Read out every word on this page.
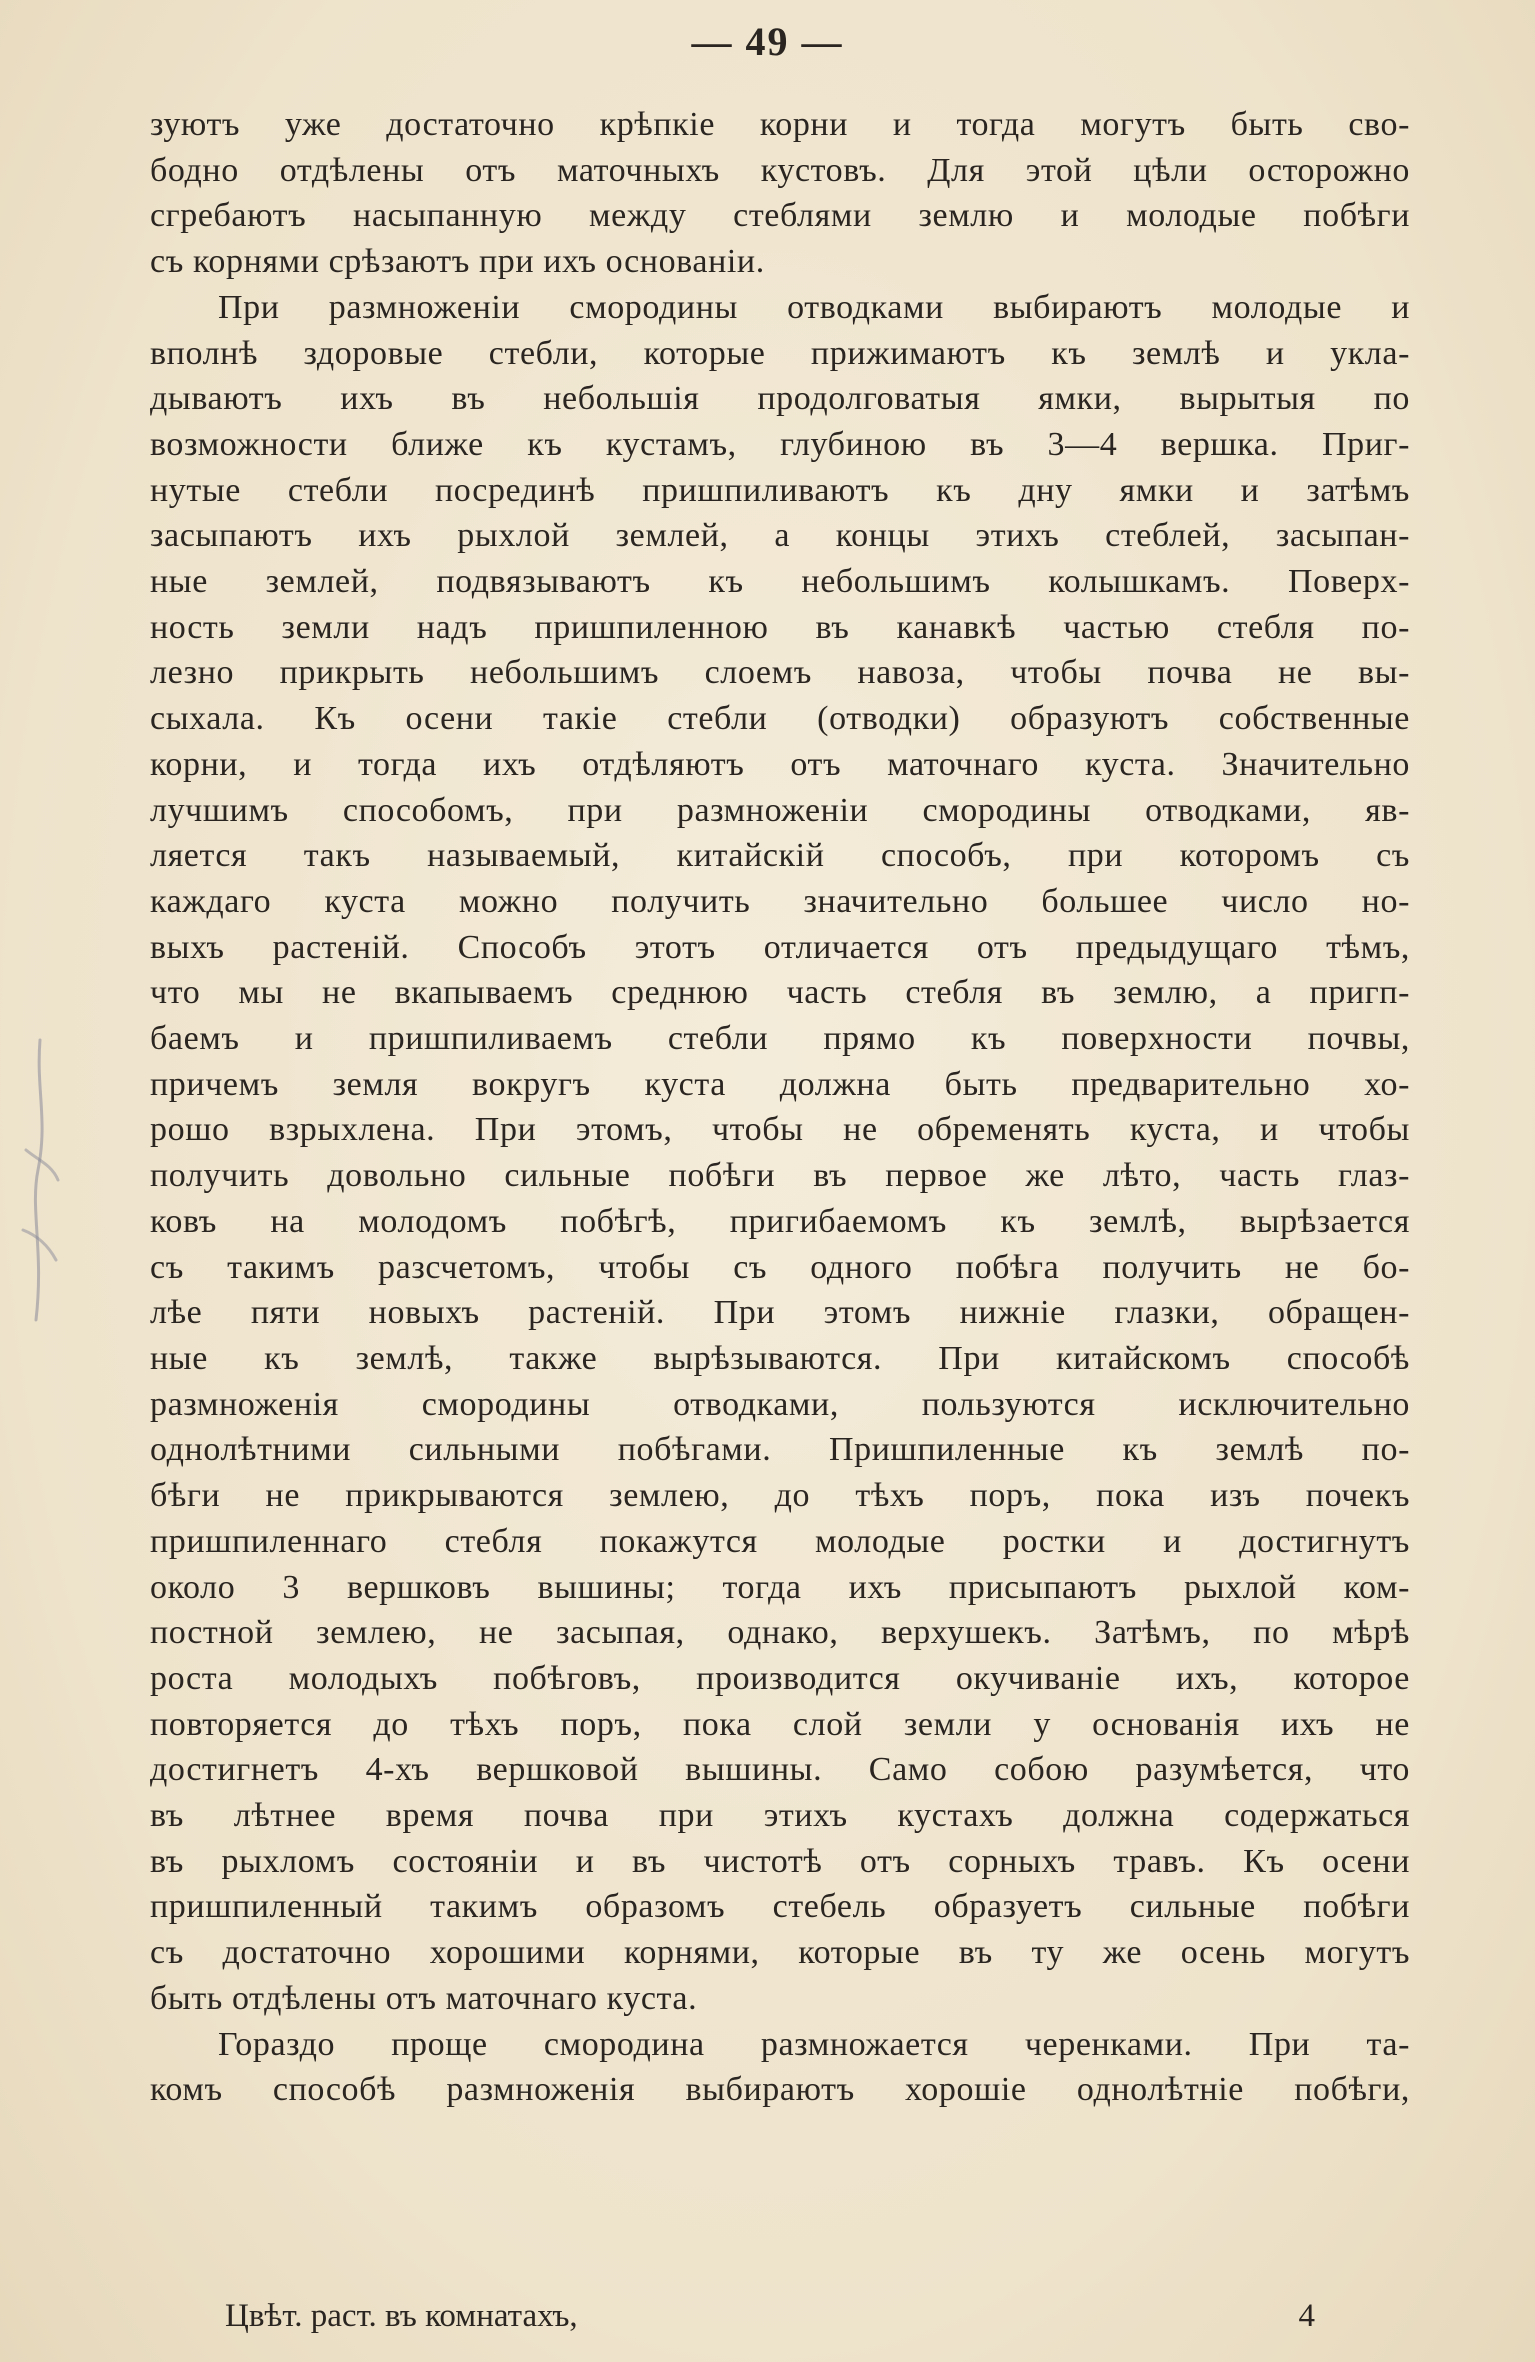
— 49 —
зуютъ уже достаточно крѣпкіе корни и тогда могутъ быть сво-
бодно отдѣлены отъ маточныхъ кустовъ. Для этой цѣли осторожно
сгребаютъ насыпанную между стеблями землю и молодые побѣги
съ корнями срѣзаютъ при ихъ основаніи.
При размноженіи смородины отводками выбираютъ молодые и
вполнѣ здоровые стебли, которые прижимаютъ къ землѣ и укла-
дываютъ ихъ въ небольшія продолговатыя ямки, вырытыя по
возможности ближе къ кустамъ, глубиною въ 3—4 вершка. Приг-
нутые стебли посрединѣ пришпиливаютъ къ дну ямки и затѣмъ
засыпаютъ ихъ рыхлой землей, а концы этихъ стеблей, засыпан-
ные землей, подвязываютъ къ небольшимъ колышкамъ. Поверх-
ность земли надъ пришпиленною въ канавкѣ частью стебля по-
лезно прикрыть небольшимъ слоемъ навоза, чтобы почва не вы-
сыхала. Къ осени такіе стебли (отводки) образуютъ собственные
корни, и тогда ихъ отдѣляютъ отъ маточнаго куста. Значительно
лучшимъ способомъ, при размноженіи смородины отводками, яв-
ляется такъ называемый, китайскій способъ, при которомъ съ
каждаго куста можно получить значительно большее число но-
выхъ растеній. Способъ этотъ отличается отъ предыдущаго тѣмъ,
что мы не вкапываемъ среднюю часть стебля въ землю, а пригп-
баемъ и пришпиливаемъ стебли прямо къ поверхности почвы,
причемъ земля вокругъ куста должна быть предварительно хо-
рошо взрыхлена. При этомъ, чтобы не обременять куста, и чтобы
получить довольно сильные побѣги въ первое же лѣто, часть глаз-
ковъ на молодомъ побѣгѣ, пригибаемомъ къ землѣ, вырѣзается
съ такимъ разсчетомъ, чтобы съ одного побѣга получить не бо-
лѣе пяти новыхъ растеній. При этомъ нижніе глазки, обращен-
ные къ землѣ, также вырѣзываются. При китайскомъ способѣ
размноженія смородины отводками, пользуются исключительно
однолѣтними сильными побѣгами. Пришпиленные къ землѣ по-
бѣги не прикрываются землею, до тѣхъ поръ, пока изъ почекъ
пришпиленнаго стебля покажутся молодые ростки и достигнутъ
около 3 вершковъ вышины; тогда ихъ присыпаютъ рыхлой ком-
постной землею, не засыпая, однако, верхушекъ. Затѣмъ, по мѣрѣ
роста молодыхъ побѣговъ, производится окучиваніе ихъ, которое
повторяется до тѣхъ поръ, пока слой земли у основанія ихъ не
достигнетъ 4-хъ вершковой вышины. Само собою разумѣется, что
въ лѣтнее время почва при этихъ кустахъ должна содержаться
въ рыхломъ состояніи и въ чистотѣ отъ сорныхъ травъ. Къ осени
пришпиленный такимъ образомъ стебель образуетъ сильные побѣги
съ достаточно хорошими корнями, которые въ ту же осень могутъ
быть отдѣлены отъ маточнаго куста.
Гораздо проще смородина размножается черенками. При та-
комъ способѣ размноженія выбираютъ хорошіе однолѣтніе побѣги,
Цвѣт. раст. въ комнатахъ,	4
